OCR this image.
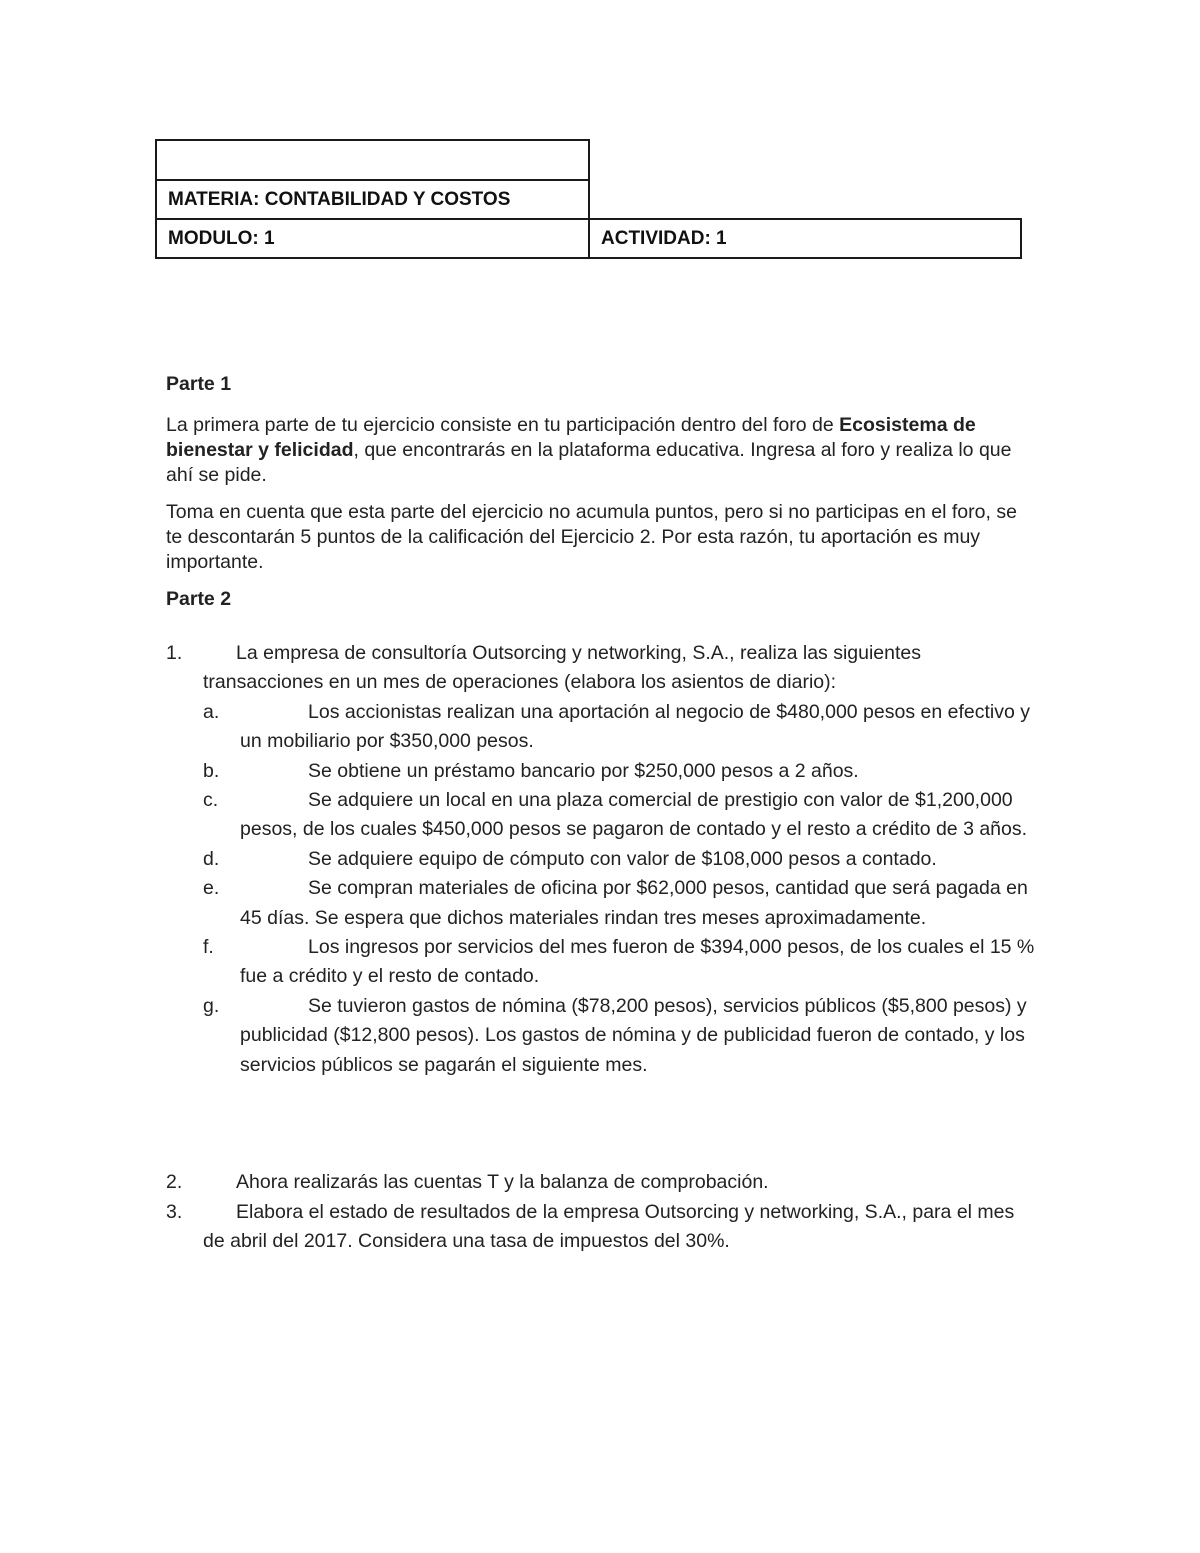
MATERIA: CONTABILIDAD Y COSTOS
MODULO: 1	ACTIVIDAD: 1

Parte 1

La primera parte de tu ejercicio consiste en tu participación dentro del foro de Ecosistema de bienestar y felicidad, que encontrarás en la plataforma educativa. Ingresa al foro y realiza lo que ahí se pide.

Toma en cuenta que esta parte del ejercicio no acumula puntos, pero si no participas en el foro, se te descontarán 5 puntos de la calificación del Ejercicio 2. Por esta razón, tu aportación es muy importante.

Parte 2

1.	La empresa de consultoría Outsorcing y networking, S.A., realiza las siguientes transacciones en un mes de operaciones (elabora los asientos de diario):
a.	Los accionistas realizan una aportación al negocio de $480,000 pesos en efectivo y un mobiliario por $350,000 pesos.
b.	Se obtiene un préstamo bancario por $250,000 pesos a 2 años.
c.	Se adquiere un local en una plaza comercial de prestigio con valor de $1,200,000 pesos, de los cuales $450,000 pesos se pagaron de contado y el resto a crédito de 3 años.
d.	Se adquiere equipo de cómputo con valor de $108,000 pesos a contado.
e.	Se compran materiales de oficina por $62,000 pesos, cantidad que será pagada en 45 días. Se espera que dichos materiales rindan tres meses aproximadamente.
f.	Los ingresos por servicios del mes fueron de $394,000 pesos, de los cuales el 15 % fue a crédito y el resto de contado.
g.	Se tuvieron gastos de nómina ($78,200 pesos), servicios públicos ($5,800 pesos) y publicidad ($12,800 pesos). Los gastos de nómina y de publicidad fueron de contado, y los servicios públicos se pagarán el siguiente mes.
2.	Ahora realizarás las cuentas T y la balanza de comprobación.
3.	Elabora el estado de resultados de la empresa Outsorcing y networking, S.A., para el mes de abril del 2017. Considera una tasa de impuestos del 30%.
